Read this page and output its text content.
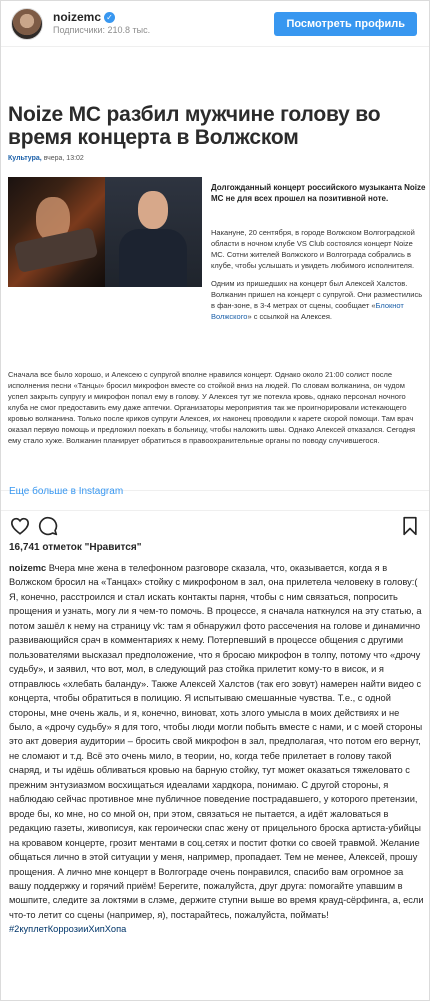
noizemc ✓
Подписчики: 210.8 тыс.	Посмотреть профиль
Noize MC разбил мужчине голову во время концерта в Волжском
Культура, вчера, 13:02
Долгожданный концерт российского музыканта Noize MC не для всех прошел на позитивной ноте.
Накануне, 20 сентября, в городе Волжском Волгоградской области в ночном клубе VS Club состоялся концерт Noize MC. Сотни жителей Волжского и Волгограда собрались в клубе, чтобы услышать и увидеть любимого исполнителя.
Одним из пришедших на концерт был Алексей Халстов. Волжанин пришел на концерт с супругой. Они разместились в фан-зоне, в 3-4 метрах от сцены, сообщает «Блокнот Волжского» с ссылкой на Алексея.
Сначала все было хорошо, и Алексею с супругой вполне нравился концерт. Однако около 21:00 солист после исполнения песни «Танцы» бросил микрофон вместе со стойкой вниз на людей. По словам волжанина, он чудом успел закрыть супругу и микрофон попал ему в голову. У Алексея тут же потекла кровь, однако персонал ночного клуба не смог предоставить ему даже аптечки. Организаторы мероприятия так же проигнорировали истекающего кровью волжанина. Только после криков супруги Алексея, их наконец проводили к карете скорой помощи. Там врач оказал первую помощь и предложил поехать в больницу, чтобы наложить швы. Однако Алексей отказался. Сегодня ему стало хуже. Волжанин планирует обратиться в правоохранительные органы по поводу случившегося.
Еще больше в Instagram
16,741 отметок "Нравится"
noizemc Вчера мне жена в телефонном разговоре сказала, что, оказывается, когда я в Волжском бросил на «Танцах» стойку с микрофоном в зал, она прилетела человеку в голову:( Я, конечно, расстроился и стал искать контакты парня, чтобы с ним связаться, попросить прощения и узнать, могу ли я чем-то помочь. В процессе, я сначала наткнулся на эту статью, а потом зашёл к нему на страницу vk: там я обнаружил фото рассечения на голове и динамично развивающийся срач в комментариях к нему. Потерпевший в процессе общения с другими пользователями высказал предположение, что я бросаю микрофон в толпу, потому что «дрочу судьбу», и заявил, что вот, мол, в следующий раз стойка прилетит кому-то в висок, и я отправлюсь «хлебать баланду». Также Алексей Халстов (так его зовут) намерен найти видео с концерта, чтобы обратиться в полицию. Я испытываю смешанные чувства. Т.е., с одной стороны, мне очень жаль, и я, конечно, виноват, хоть злого умысла в моих действиях и не было, а «дрочу судьбу» я для того, чтобы люди могли побыть вместе с нами, и с моей стороны это акт доверия аудитории – бросить свой микрофон в зал, предполагая, что потом его вернут, не сломают и т.д. Всё это очень мило, в теории, но, когда тебе прилетает в голову такой снаряд, и ты идёшь обливаться кровью на барную стойку, тут может оказаться тяжеловато с прежним энтузиазмом восхищаться идеалами хардкора, понимаю. С другой стороны, я наблюдаю сейчас противное мне публичное поведение пострадавшего, у которого претензии, вроде бы, ко мне, но со мной он, при этом, связаться не пытается, а идёт жаловаться в редакцию газеты, живописуя, как героически спас жену от прицельного броска артиста-убийцы на кровавом концерте, грозит ментами в соц.сетях и постит фотки со своей травмой. Желание общаться лично в этой ситуации у меня, например, пропадает. Тем не менее, Алексей, прошу прощения. А лично мне концерт в Волгограде очень понравился, спасибо вам огромное за вашу поддержку и горячий приём! Берегите, пожалуйста, друг друга: помогайте упавшим в мошпите, следите за локтями в слэме, держите ступни выше во время крауд-сёрфинга, а, если что-то летит со сцены (например, я), постарайтесь, пожалуйста, поймать! #2куплетКоррозииХипХопа
